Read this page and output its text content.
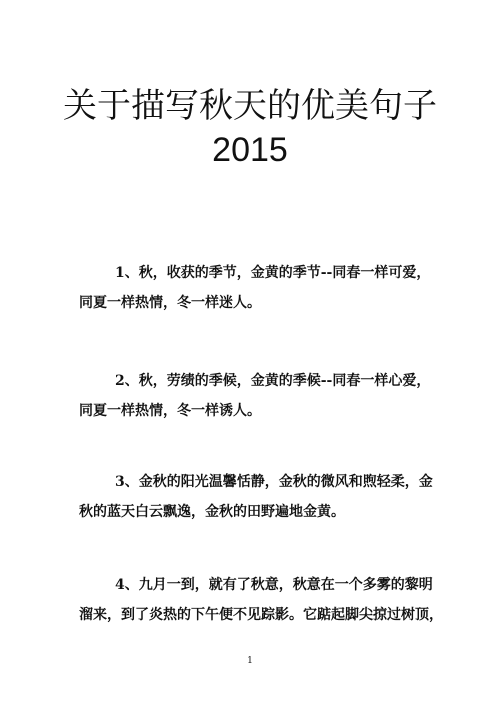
关于描写秋天的优美句子
2015
1、秋，收获的季节，金黄的季节--同春一样可爱，
同夏一样热情，冬一样迷人。
2、秋，劳绩的季候，金黄的季候--同春一样心爱，
同夏一样热情，冬一样诱人。
3、金秋的阳光温馨恬静，金秋的微风和煦轻柔，金
秋的蓝天白云飘逸，金秋的田野遍地金黄。
4、九月一到，就有了秋意，秋意在一个多雾的黎明
溜来，到了炎热的下午便不见踪影。它踮起脚尖掠过树顶，
1
